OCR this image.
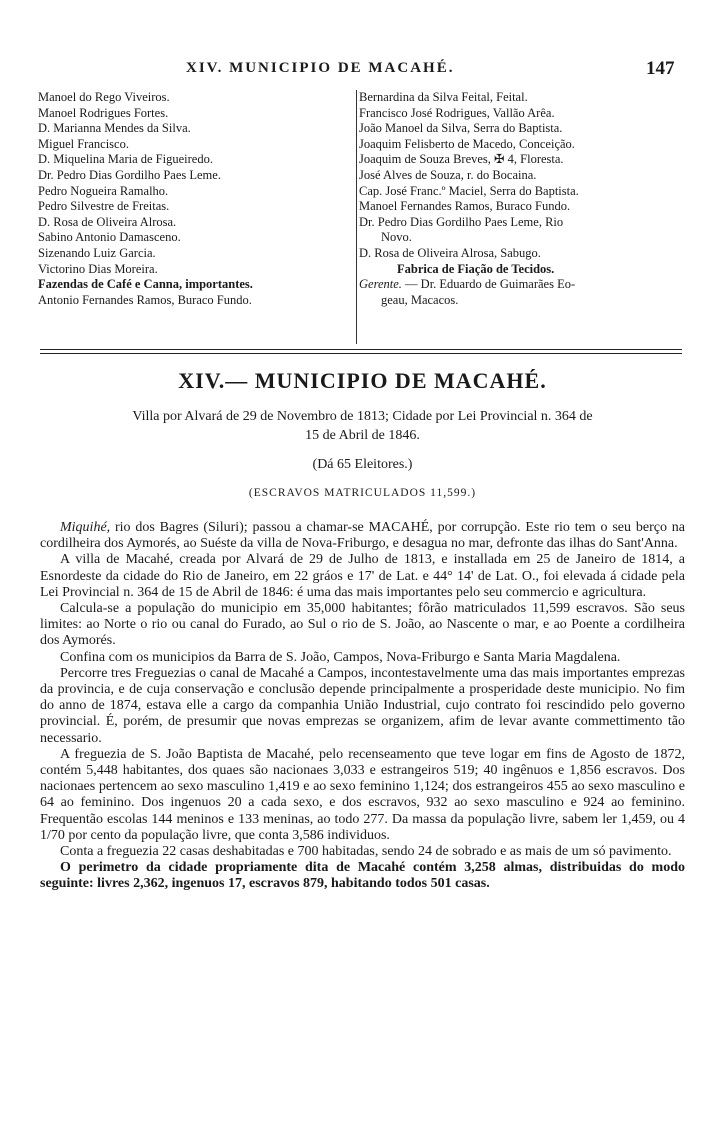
XIV. MUNICIPIO DE MACAHÉ.	147
Manoel do Rego Viveiros.
Manoel Rodrigues Fortes.
D. Marianna Mendes da Silva.
Miguel Francisco.
D. Miquelina Maria de Figueiredo.
Dr. Pedro Dias Gordilho Paes Leme.
Pedro Nogueira Ramalho.
Pedro Silvestre de Freitas.
D. Rosa de Oliveira Alrosa.
Sabino Antonio Damasceno.
Sizenando Luiz Garcia.
Victorino Dias Moreira.
Fazendas de Café e Canna, importantes.
Antonio Fernandes Ramos, Buraco Fundo.
Bernardina da Silva Feital, Feital.
Francisco José Rodrigues, Vallão Arêa.
João Manoel da Silva, Serra do Baptista.
Joaquim Felisberto de Macedo, Conceição.
Joaquim de Souza Breves, ✠ 4, Floresta.
José Alves de Souza, r. do Bocaina.
Cap. José Franc.º Maciel, Serra do Baptista.
Manoel Fernandes Ramos, Buraco Fundo.
Dr. Pedro Dias Gordilho Paes Leme, Rio
Novo.
D. Rosa de Oliveira Alrosa, Sabugo.
Fabrica de Fiação de Tecidos.
Gerente. — Dr. Eduardo de Guimarães Eo-
geau, Macacos.
XIV.— MUNICIPIO DE MACAHÉ.
Villa por Alvará de 29 de Novembro de 1813; Cidade por Lei Provincial n. 364 de
15 de Abril de 1846.
(Dá 65 Eleitores.)
(ESCRAVOS MATRICULADOS 11,599.)

Miquihé, rio dos Bagres (Siluri); passou a chamar-se MACAHÉ, por corrupção. Este rio tem o seu berço na cordilheira dos Aymorés, ao Suéste da villa de Nova-Friburgo, e desagua no mar, defronte das ilhas do Sant'Anna.

A villa de Macahé, creada por Alvará de 29 de Julho de 1813, e installada em 25 de Janeiro de 1814, a Esnordeste da cidade do Rio de Janeiro, em 22 gráos e 17' de Lat. e 44° 14' de Lat. O., foi elevada á cidade pela Lei Provincial n. 364 de 15 de Abril de 1846: é uma das mais importantes pelo seu commercio e agricultura.

Calcula-se a população do municipio em 35,000 habitantes; fôrão matriculados 11,599 escravos. São seus limites: ao Norte o rio ou canal do Furado, ao Sul o rio de S. João, ao Nascente o mar, e ao Poente a cordilheira dos Aymorés.

Confina com os municipios da Barra de S. João, Campos, Nova-Friburgo e Santa Maria Magdalena.

Percorre tres Freguezias o canal de Macahé a Campos, incontestavelmente uma das mais importantes emprezas da provincia, e de cuja conservação e conclusão depende principalmente a prosperidade deste municipio. No fim do anno de 1874, estava elle a cargo da companhia União Industrial, cujo contrato foi rescindido pelo governo provincial. É, porém, de presumir que novas emprezas se organizem, afim de levar avante commettimento tão necessario.

A freguezia de S. João Baptista de Macahé, pelo recenseamento que teve logar em fins de Agosto de 1872, contém 5,448 habitantes, dos quaes são nacionaes 3,033 e estrangeiros 519; 40 ingênuos e 1,856 escravos. Dos nacionaes pertencem ao sexo masculino 1,419 e ao sexo feminino 1,124; dos estrangeiros 455 ao sexo masculino e 64 ao feminino. Dos ingenuos 20 a cada sexo, e dos escravos, 932 ao sexo masculino e 924 ao feminino. Frequentão escolas 144 meninos e 133 meninas, ao todo 277. Da massa da população livre, sabem ler 1,459, ou 4 1/70 por cento da população livre, que conta 3,586 individuos.

Conta a freguezia 22 casas deshabitadas e 700 habitadas, sendo 24 de sobrado e as mais de um só pavimento.

O perimetro da cidade propriamente dita de Macahé contém 3,258 almas, distribuidas do modo seguinte: livres 2,362, ingenuos 17, escravos 879, habitando todos 501 casas.
